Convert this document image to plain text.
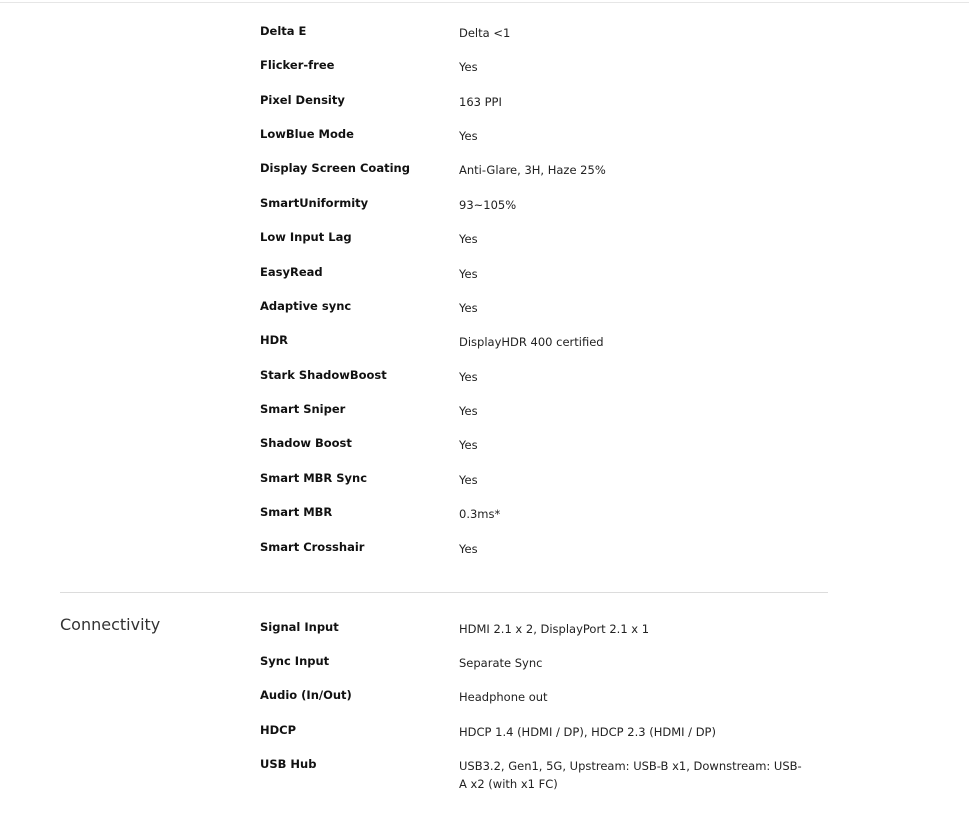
Delta E	Delta <1
Flicker-free	Yes
Pixel Density	163 PPI
LowBlue Mode	Yes
Display Screen Coating	Anti-Glare, 3H, Haze 25%
SmartUniformity	93~105%
Low Input Lag	Yes
EasyRead	Yes
Adaptive sync	Yes
HDR	DisplayHDR 400 certified
Stark ShadowBoost	Yes
Smart Sniper	Yes
Shadow Boost	Yes
Smart MBR Sync	Yes
Smart MBR	0.3ms*
Smart Crosshair	Yes
Connectivity	Signal Input	HDMI 2.1 x 2, DisplayPort 2.1 x 1
Sync Input	Separate Sync
Audio (In/Out)	Headphone out
HDCP	HDCP 1.4 (HDMI / DP), HDCP 2.3 (HDMI / DP)
USB Hub	USB3.2, Gen1, 5G, Upstream: USB-B x1, Downstream: USB-A x2 (with x1 FC)
